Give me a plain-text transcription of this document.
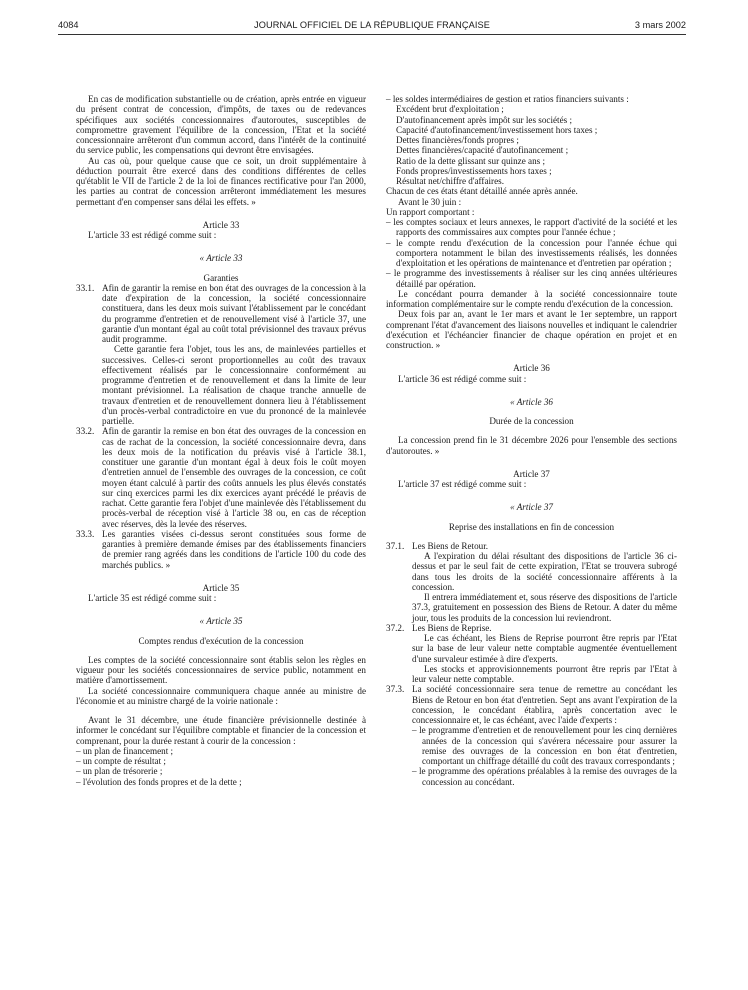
4084	JOURNAL OFFICIEL DE LA RÉPUBLIQUE FRANÇAISE	3 mars 2002

En cas de modification substantielle ou de création, après entrée en vigueur du présent contrat de concession, d'impôts, de taxes ou de redevances spécifiques aux sociétés concessionnaires d'autoroutes, susceptibles de compromettre gravement l'équilibre de la concession, l'Etat et la société concessionnaire arrêteront d'un commun accord, dans l'intérêt de la continuité du service public, les compensations qui devront être envisagées.

Au cas où, pour quelque cause que ce soit, un droit supplémentaire à déduction pourrait être exercé dans des conditions différentes de celles qu'établit le VII de l'article 2 de la loi de finances rectificative pour l'an 2000, les parties au contrat de concession arrêteront immédiatement les mesures permettant d'en compenser sans délai les effets. »

Article 33

L'article 33 est rédigé comme suit :

« Article 33

Garanties

33.1. Afin de garantir la remise en bon état des ouvrages de la concession à la date d'expiration de la concession, la société concessionnaire constituera, dans les deux mois suivant l'établissement par le concédant du programme d'entretien et de renouvellement visé à l'article 37, une garantie d'un montant égal au coût total prévisionnel des travaux prévus audit programme.

Cette garantie fera l'objet, tous les ans, de mainlevées partielles et successives. Celles-ci seront proportionnelles au coût des travaux effectivement réalisés par le concessionnaire conformément au programme d'entretien et de renouvellement et dans la limite de leur montant prévisionnel. La réalisation de chaque tranche annuelle de travaux d'entretien et de renouvellement donnera lieu à l'établissement d'un procès-verbal contradictoire en vue du prononcé de la mainlevée partielle.

33.2. Afin de garantir la remise en bon état des ouvrages de la concession en cas de rachat de la concession, la société concessionnaire devra, dans les deux mois de la notification du préavis visé à l'article 38.1, constituer une garantie d'un montant égal à deux fois le coût moyen d'entretien annuel de l'ensemble des ouvrages de la concession, ce coût moyen étant calculé à partir des coûts annuels les plus élevés constatés sur cinq exercices parmi les dix exercices ayant précédé le préavis de rachat. Cette garantie fera l'objet d'une mainlevée dès l'établissement du procès-verbal de réception visé à l'article 38 ou, en cas de réception avec réserves, dès la levée des réserves.

33.3. Les garanties visées ci-dessus seront constituées sous forme de garanties à première demande émises par des établissements financiers de premier rang agréés dans les conditions de l'article 100 du code des marchés publics. »

Article 35

L'article 35 est rédigé comme suit :

« Article 35

Comptes rendus d'exécution de la concession

Les comptes de la société concessionnaire sont établis selon les règles en vigueur pour les sociétés concessionnaires de service public, notamment en matière d'amortissement.

La société concessionnaire communiquera chaque année au ministre de l'économie et au ministre chargé de la voirie nationale :

Avant le 31 décembre, une étude financière prévisionnelle destinée à informer le concédant sur l'équilibre comptable et financier de la concession et comprenant, pour la durée restant à courir de la concession :

– un plan de financement ;

– un compte de résultat ;

– un plan de trésorerie ;

– l'évolution des fonds propres et de la dette ;

– les soldes intermédiaires de gestion et ratios financiers suivants :

Excédent brut d'exploitation ;

D'autofinancement après impôt sur les sociétés ;

Capacité d'autofinancement/investissement hors taxes ;

Dettes financières/fonds propres ;

Dettes financières/capacité d'autofinancement ;

Ratio de la dette glissant sur quinze ans ;

Fonds propres/investissements hors taxes ;

Résultat net/chiffre d'affaires.

Chacun de ces états étant détaillé année après année.

Avant le 30 juin :

Un rapport comportant :

– les comptes sociaux et leurs annexes, le rapport d'activité de la société et les rapports des commissaires aux comptes pour l'année échue ;

– le compte rendu d'exécution de la concession pour l'année échue qui comportera notamment le bilan des investissements réalisés, les données d'exploitation et les opérations de maintenance et d'entretien par opération ;

– le programme des investissements à réaliser sur les cinq années ultérieures détaillé par opération.

Le concédant pourra demander à la société concessionnaire toute information complémentaire sur le compte rendu d'exécution de la concession.

Deux fois par an, avant le 1er mars et avant le 1er septembre, un rapport comprenant l'état d'avancement des liaisons nouvelles et indiquant le calendrier d'exécution et l'échéancier financier de chaque opération en projet et en construction. »

Article 36

L'article 36 est rédigé comme suit :

« Article 36

Durée de la concession

La concession prend fin le 31 décembre 2026 pour l'ensemble des sections d'autoroutes. »

Article 37

L'article 37 est rédigé comme suit :

« Article 37

Reprise des installations en fin de concession

37.1. Les Biens de Retour.

A l'expiration du délai résultant des dispositions de l'article 36 ci-dessus et par le seul fait de cette expiration, l'Etat se trouvera subrogé dans tous les droits de la société concessionnaire afférents à la concession.

Il entrera immédiatement et, sous réserve des dispositions de l'article 37.3, gratuitement en possession des Biens de Retour. A dater du même jour, tous les produits de la concession lui reviendront.

37.2. Les Biens de Reprise.

Le cas échéant, les Biens de Reprise pourront être repris par l'Etat sur la base de leur valeur nette comptable augmentée éventuellement d'une survaleur estimée à dire d'experts.

Les stocks et approvisionnements pourront être repris par l'Etat à leur valeur nette comptable.

37.3. La société concessionnaire sera tenue de remettre au concédant les Biens de Retour en bon état d'entretien. Sept ans avant l'expiration de la concession, le concédant établira, après concertation avec le concessionnaire et, le cas échéant, avec l'aide d'experts :

– le programme d'entretien et de renouvellement pour les cinq dernières années de la concession qui s'avérera nécessaire pour assurer la remise des ouvrages de la concession en bon état d'entretien, comportant un chiffrage détaillé du coût des travaux correspondants ;

– le programme des opérations préalables à la remise des ouvrages de la concession au concédant.
